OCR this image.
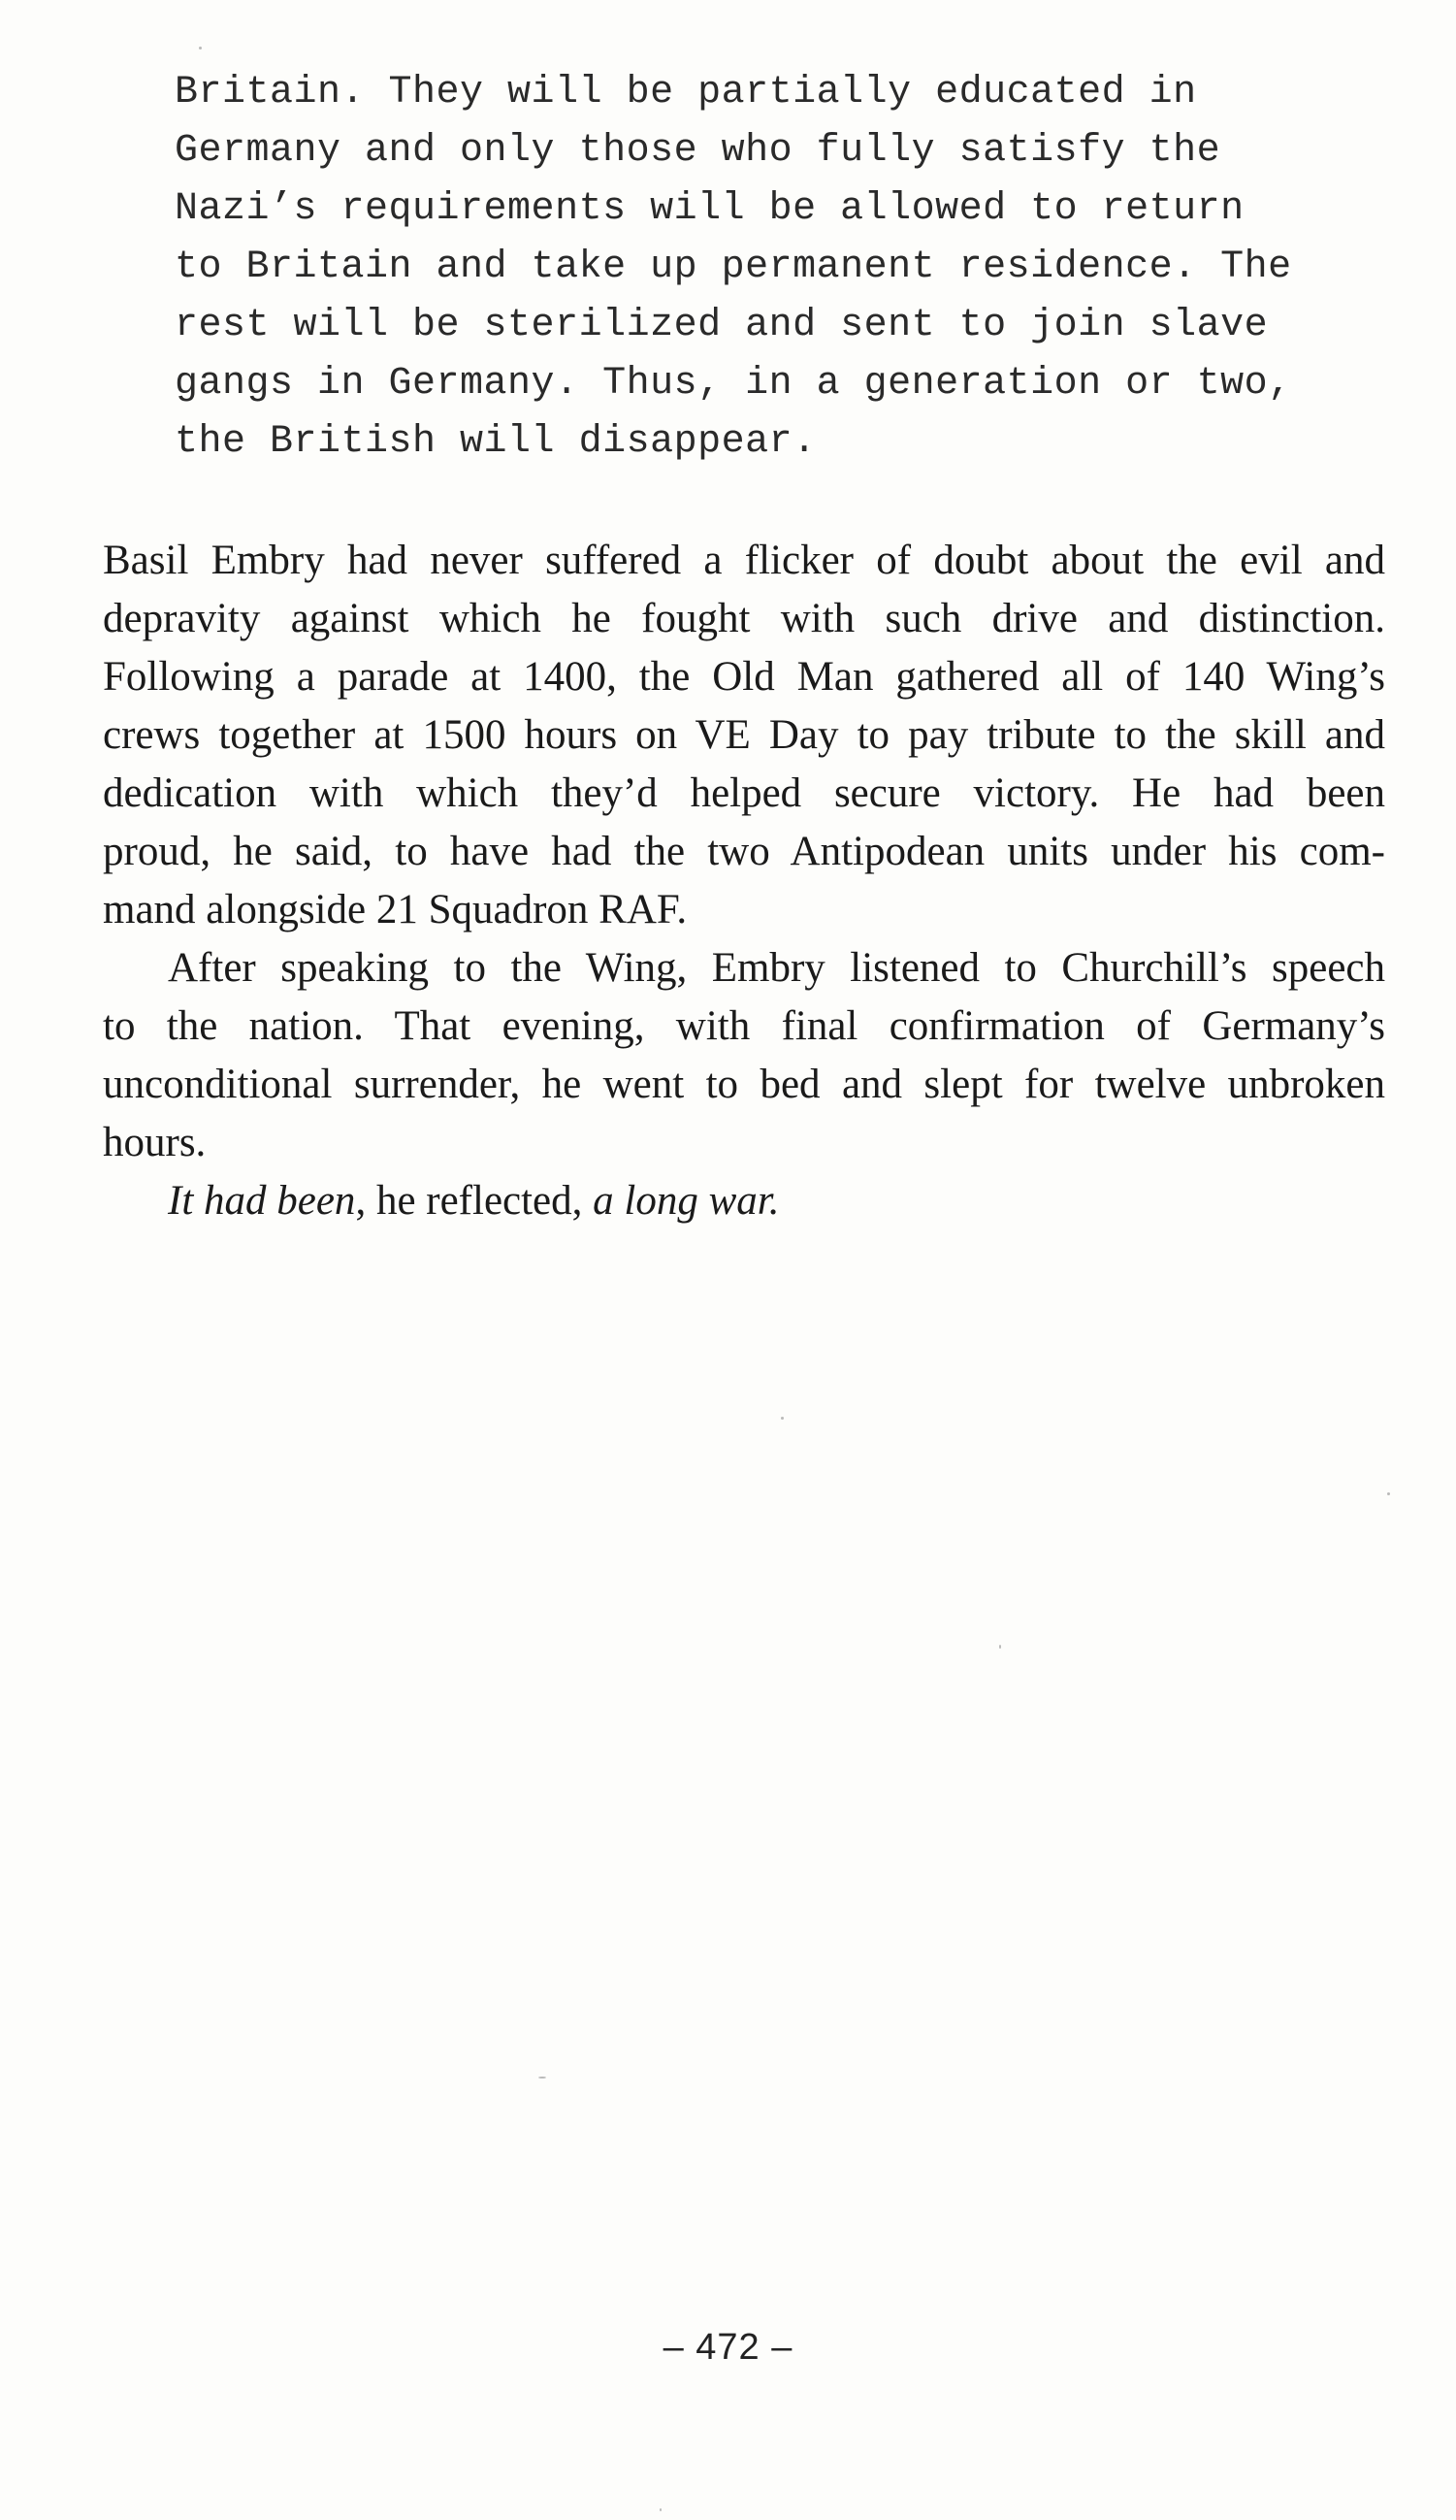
Britain. They will be partially educated in
Germany and only those who fully satisfy the
Nazi’s requirements will be allowed to return
to Britain and take up permanent residence. The
rest will be sterilized and sent to join slave
gangs in Germany. Thus, in a generation or two,
the British will disappear.
Basil Embry had never suffered a flicker of doubt about the evil and
depravity against which he fought with such drive and distinction.
Following a parade at 1400, the Old Man gathered all of 140 Wing’s
crews together at 1500 hours on VE Day to pay tribute to the skill and
dedication with which they’d helped secure victory. He had been
proud, he said, to have had the two Antipodean units under his com-
mand alongside 21 Squadron RAF.
After speaking to the Wing, Embry listened to Churchill’s speech
to the nation. That evening, with final confirmation of Germany’s
unconditional surrender, he went to bed and slept for twelve unbroken
hours.
It had been, he reflected, a long war.
– 472 –
